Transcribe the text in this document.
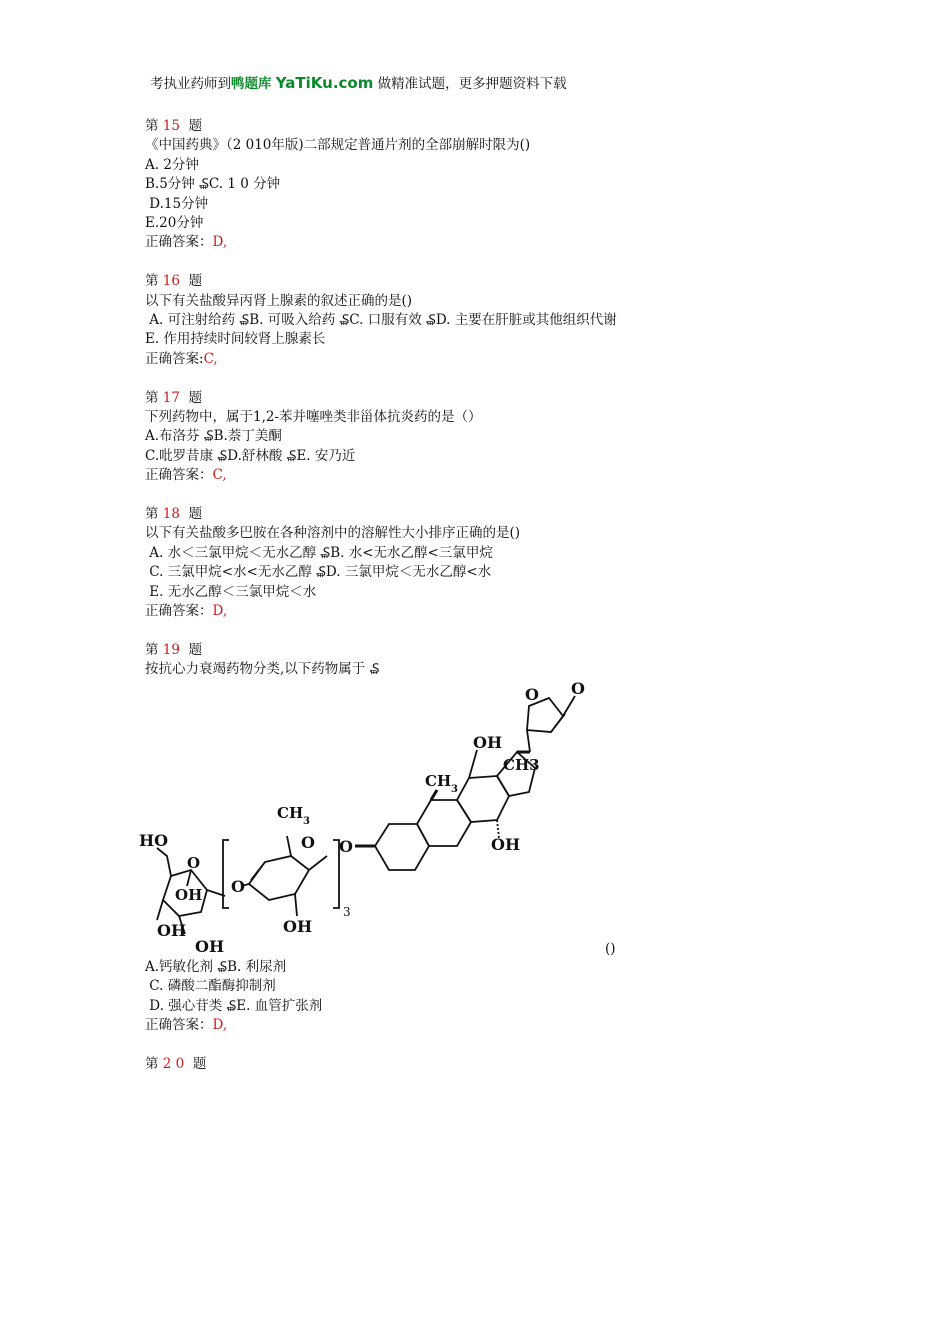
考执业药师到鸭题库 YaTiKu.com 做精准试题，更多押题资料下载

第 15  题

《中国药典》（2 010年版)二部规定普通片剂的全部崩解时限为()

A. 2分钟

B.5分钟 ₷C. 1 0 分钟

D.15分钟

E.20分钟

正确答案：D,

第 16  题

以下有关盐酸异丙肾上腺素的叙述正确的是()

A. 可注射给药 ₷B. 可吸入给药 ₷C. 口服有效 ₷D. 主要在肝脏或其他组织代谢

E. 作用持续时间较肾上腺素长

正确答案:C,

第 17  题

下列药物中，属于1,2-苯并噻唑类非甾体抗炎药的是（）

A.布洛芬 ₷B.萘丁美酮

C.吡罗昔康 ₷D.舒林酸 ₷E. 安乃近

正确答案：C,

第 18  题

以下有关盐酸多巴胺在各种溶剂中的溶解性大小排序正确的是()

A. 水＜三氯甲烷＜无水乙醇 ₷B. 水<无水乙醇<三氯甲烷

C. 三氯甲烷<水<无水乙醇 ₷D. 三氯甲烷＜无水乙醇<水

E. 无水乙醇＜三氯甲烷＜水

正确答案：D,

第 19  题

按抗心力衰竭药物分类,以下药物属于 ₷

O O
OH
CH3
OH
CH 3
O
CH 3
O
OH
3
O
HO
O
OH
OH
OH	()

A.钙敏化剂 ₷B. 利尿剂

C. 磷酸二酯酶抑制剂

D. 强心苷类 ₷E. 血管扩张剂

正确答案：D,

第 2 0  题
